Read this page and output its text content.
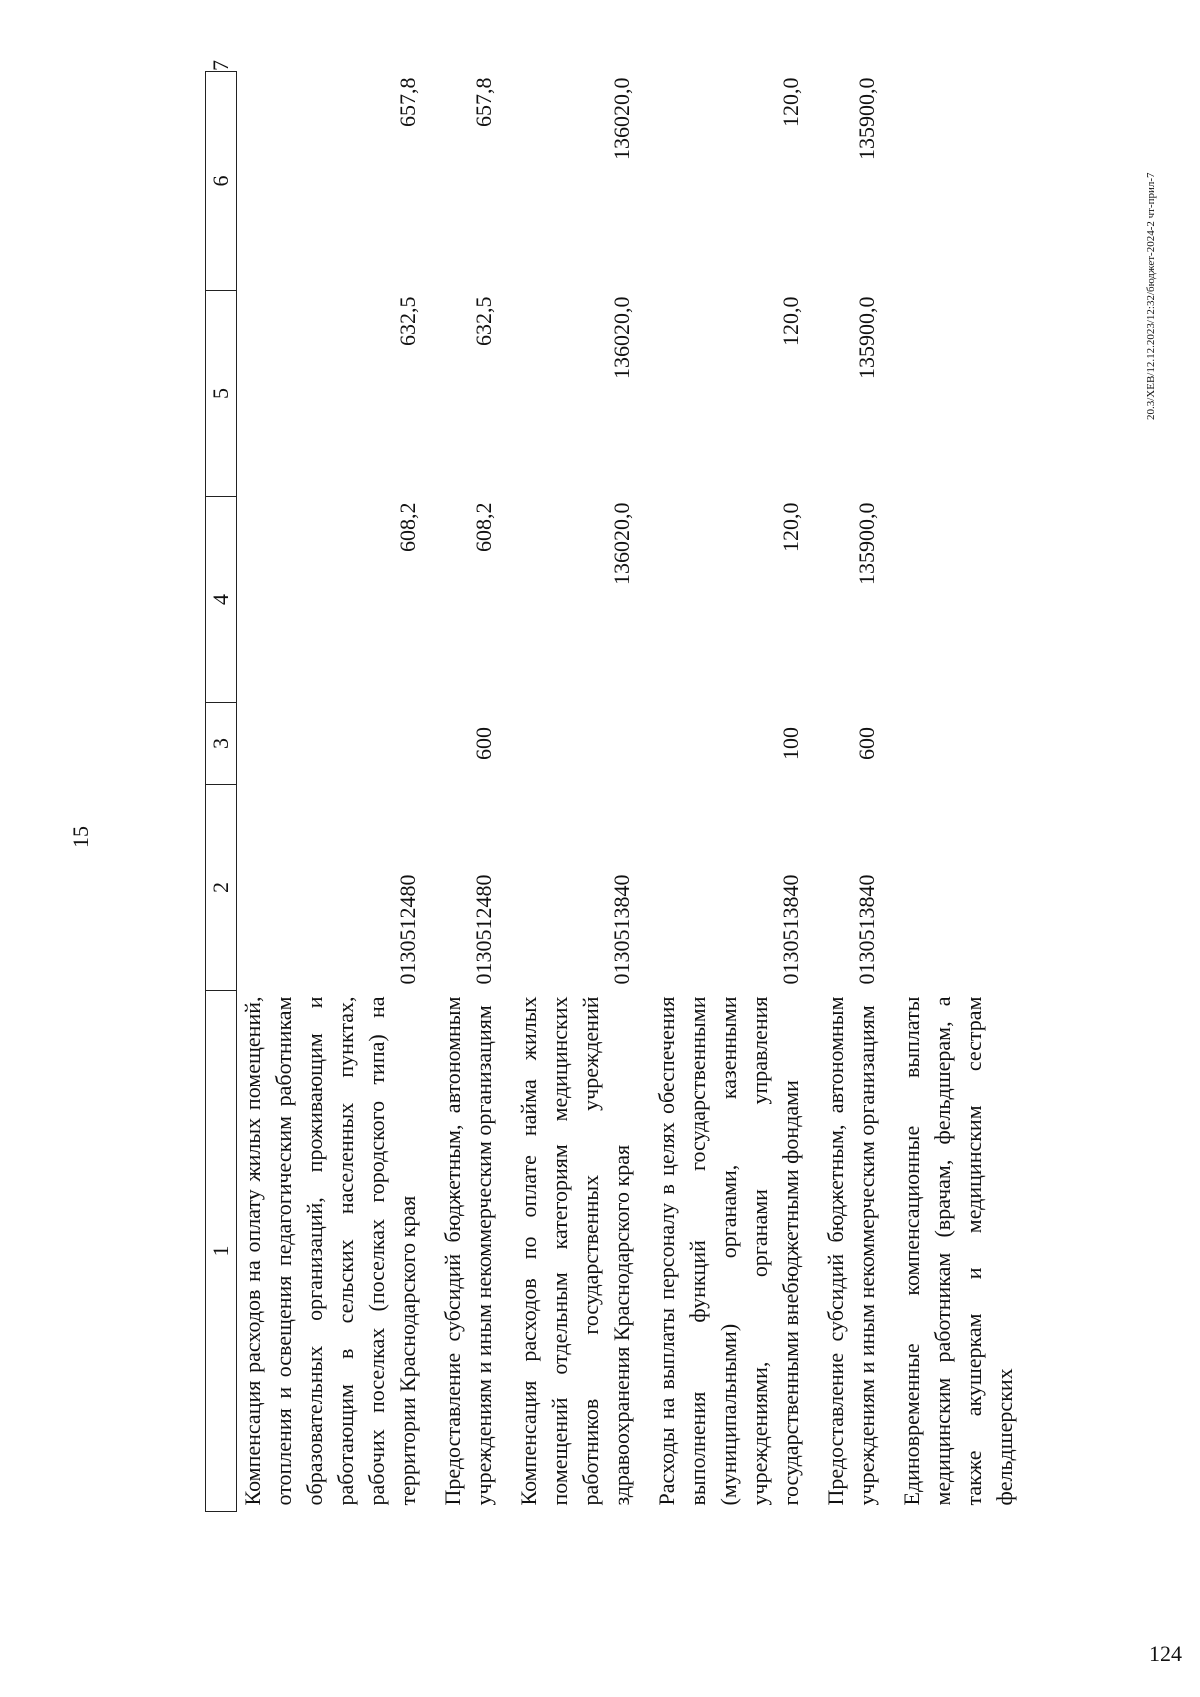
15
20.3/ХЕВ/12.12.2023/12:32/бюджет-2024-2 чт-прил-7
124
1	2	3	4	5	6	7
Компенсация расходов на оплату жилых помещений, отопления и освещения педагогическим работникам образовательных организаций, проживающим и работающим в сельских населенных пунктах, рабочих поселках (поселках городского типа) на территории Краснодарского края	0130512480		608,2	632,5	657,8	
Предоставление субсидий бюджетным, автономным учреждениям и иным некоммерческим организациям	0130512480	600	608,2	632,5	657,8	
Компенсация расходов по оплате найма жилых помещений отдельным категориям медицинских работников государственных учреждений здравоохранения Краснодарского края	0130513840		136020,0	136020,0	136020,0	
Расходы на выплаты персоналу в целях обеспечения выполнения функций государственными (муниципальными) органами, казенными учреждениями, органами управления государственными внебюджетными фондами	0130513840	100	120,0	120,0	120,0	
Предоставление субсидий бюджетным, автономным учреждениям и иным некоммерческим организациям	0130513840	600	135900,0	135900,0	135900,0	
Единовременные компенсационные выплаты медицинским работникам (врачам, фельдшерам, а также акушеркам и медицинским сестрам фельдшерских						
